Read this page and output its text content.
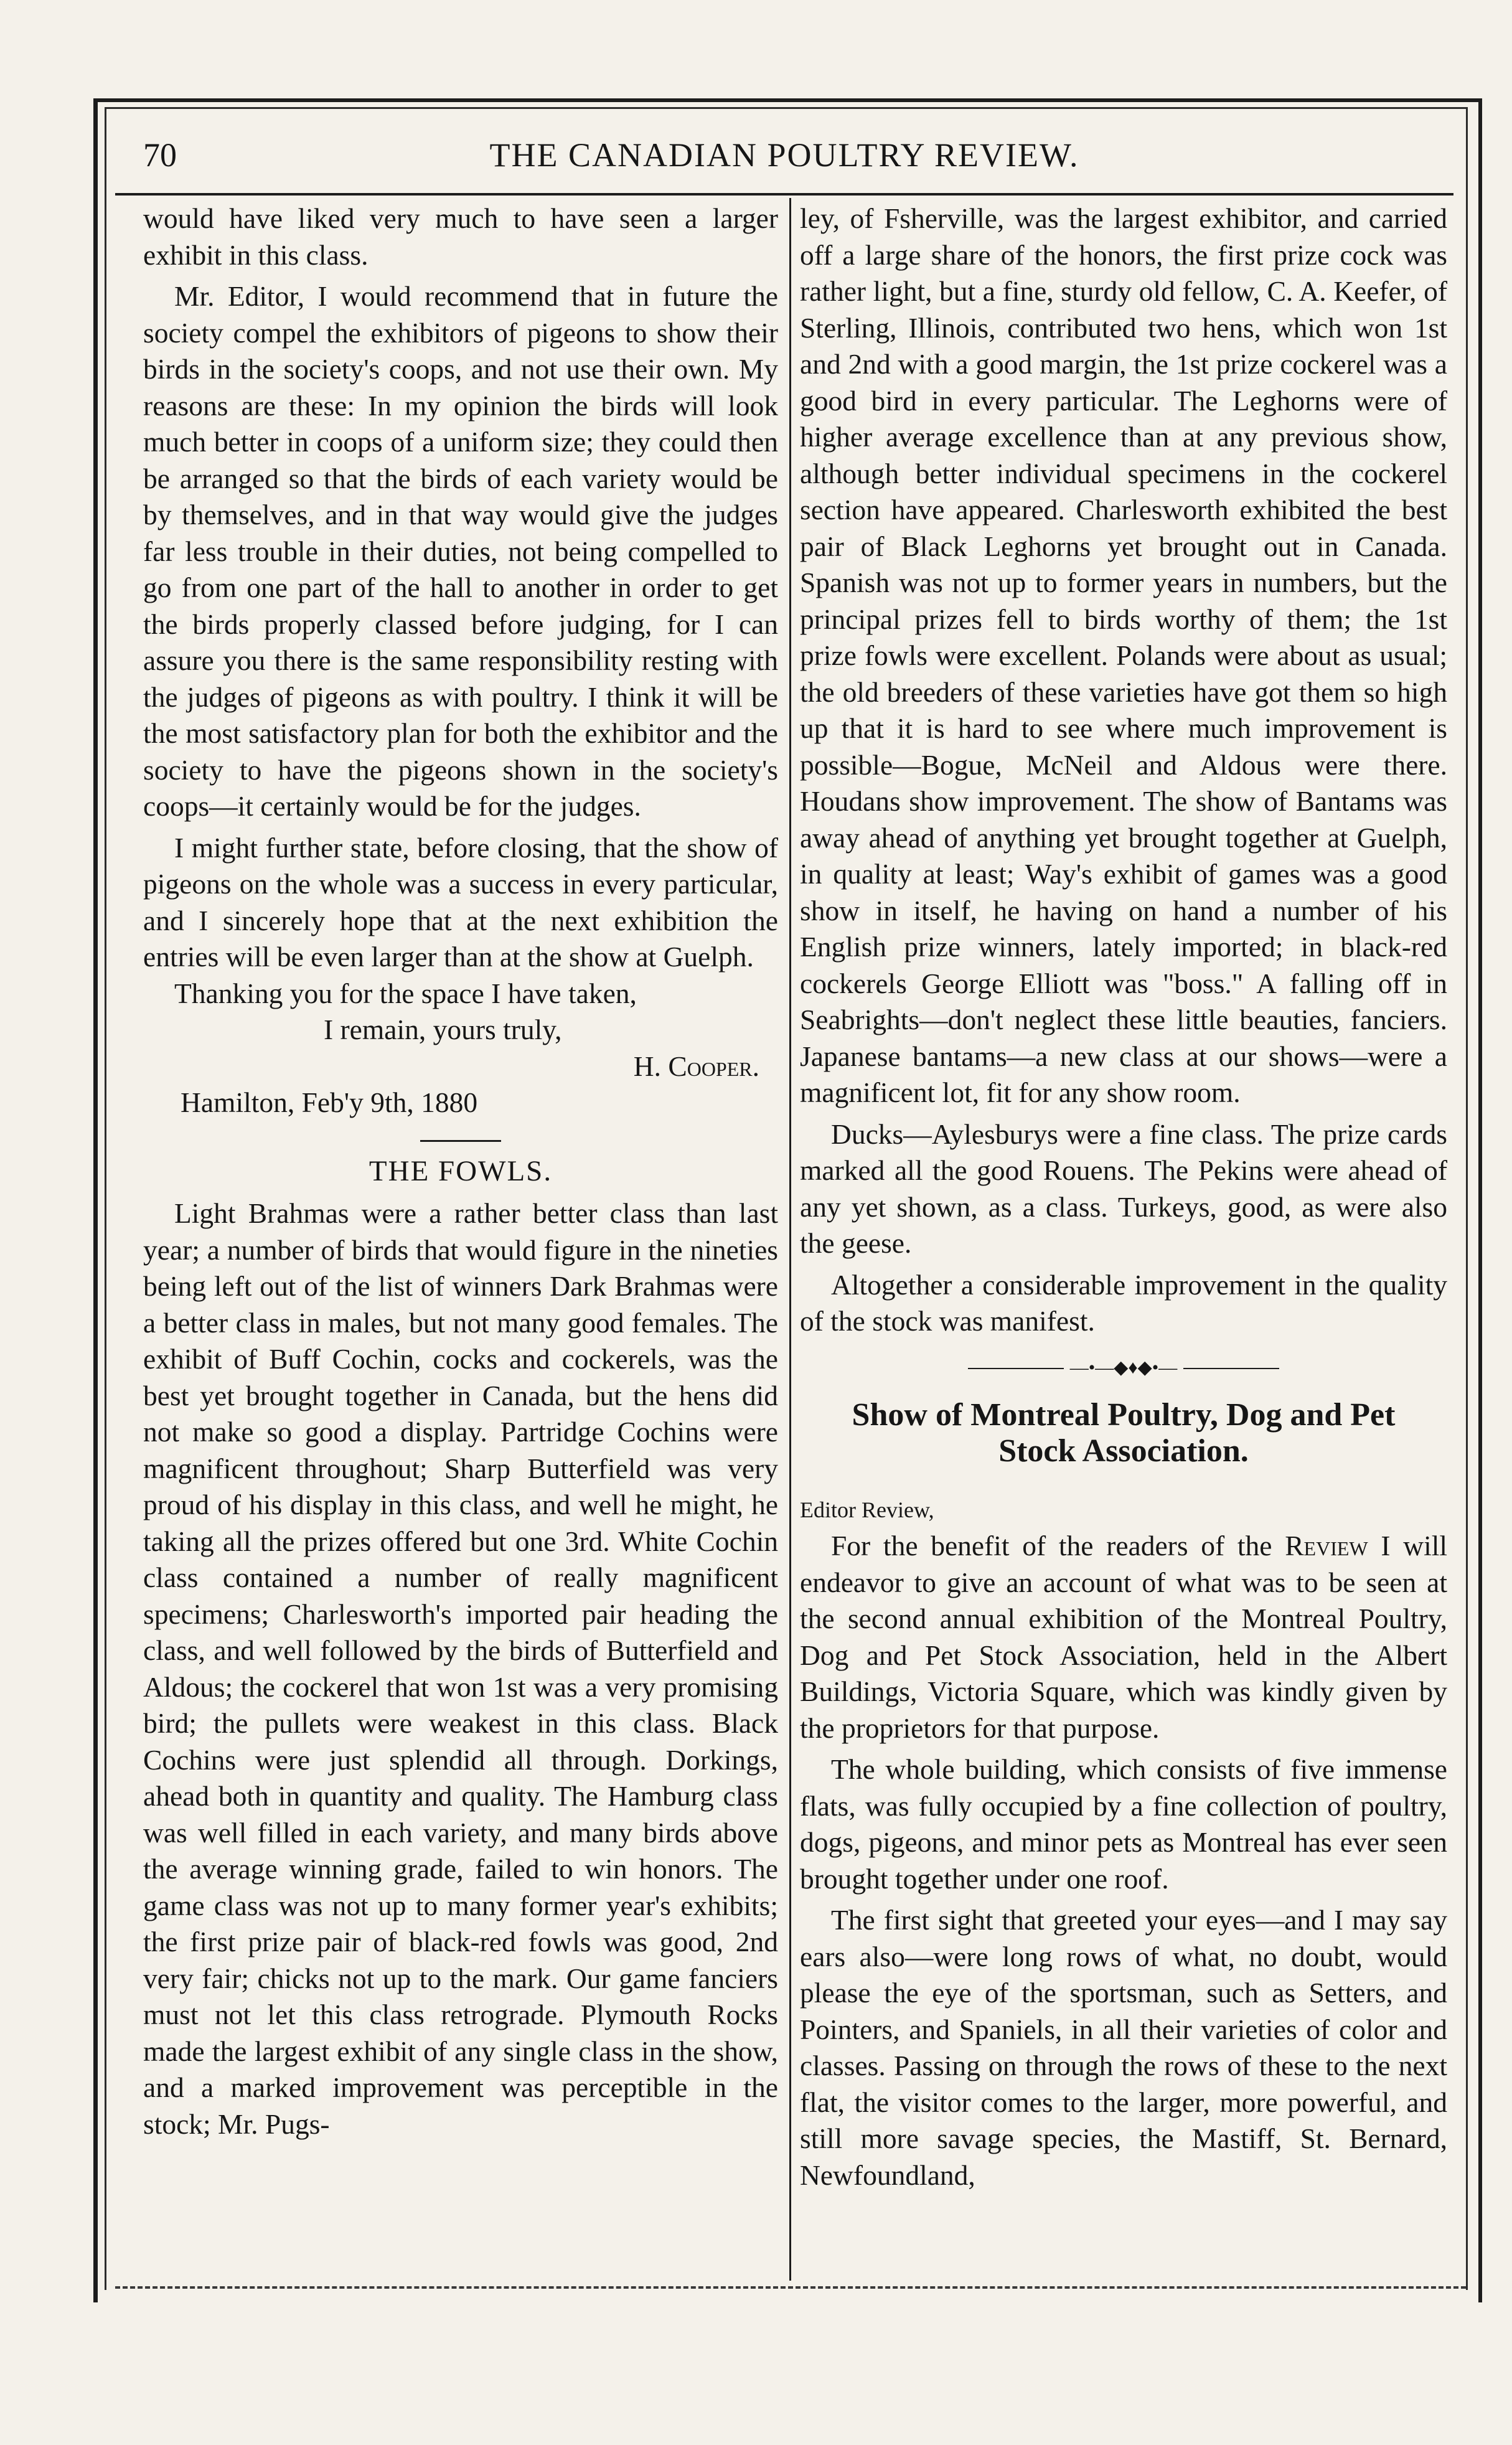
70	THE CANADIAN POULTRY REVIEW.

would have liked very much to have seen a larger exhibit in this class.

Mr. Editor, I would recommend that in future the society compel the exhibitors of pigeons to show their birds in the society's coops, and not use their own. My reasons are these: In my opinion the birds will look much better in coops of a uniform size; they could then be arranged so that the birds of each variety would be by themselves, and in that way would give the judges far less trouble in their duties, not being compelled to go from one part of the hall to another in order to get the birds properly classed before judging, for I can assure you there is the same responsibility resting with the judges of pigeons as with poultry. I think it will be the most satisfactory plan for both the exhibitor and the society to have the pigeons shown in the society's coops—it certainly would be for the judges.

I might further state, before closing, that the show of pigeons on the whole was a success in every particular, and I sincerely hope that at the next exhibition the entries will be even larger than at the show at Guelph.

Thanking you for the space I have taken,

I remain, yours truly,

H. Cooper.

Hamilton, Feb'y 9th, 1880

THE FOWLS.

Light Brahmas were a rather better class than last year; a number of birds that would figure in the nineties being left out of the list of winners Dark Brahmas were a better class in males, but not many good females. The exhibit of Buff Cochin, cocks and cockerels, was the best yet brought together in Canada, but the hens did not make so good a display. Partridge Cochins were magnificent throughout; Sharp Butterfield was very proud of his display in this class, and well he might, he taking all the prizes offered but one 3rd. White Cochin class contained a number of really magnificent specimens; Charlesworth's imported pair heading the class, and well followed by the birds of Butterfield and Aldous; the cockerel that won 1st was a very promising bird; the pullets were weakest in this class. Black Cochins were just splendid all through. Dorkings, ahead both in quantity and quality. The Hamburg class was well filled in each variety, and many birds above the average winning grade, failed to win honors. The game class was not up to many former year's exhibits; the first prize pair of black-red fowls was good, 2nd very fair; chicks not up to the mark. Our game fanciers must not let this class retrograde. Plymouth Rocks made the largest exhibit of any single class in the show, and a marked improvement was perceptible in the stock; Mr. Pugs-

ley, of Fshervillе, was the largest exhibitor, and carried off a large share of the honors, the first prize cock was rather light, but a fine, sturdy old fellow, C. A. Keefer, of Sterling, Illinois, contributed two hens, which won 1st and 2nd with a good margin, the 1st prize cockerel was a good bird in every particular. The Leghorns were of higher average excellence than at any previous show, although better individual specimens in the cockerel section have appeared. Charlesworth exhibited the best pair of Black Leghorns yet brought out in Canada. Spanish was not up to former years in numbers, but the principal prizes fell to birds worthy of them; the 1st prize fowls were excellent. Polands were about as usual; the old breeders of these varieties have got them so high up that it is hard to see where much improvement is possible—Bogue, McNeil and Aldous were there. Houdans show improvement. The show of Bantams was away ahead of anything yet brought together at Guelph, in quality at least; Way's exhibit of games was a good show in itself, he having on hand a number of his English prize winners, lately imported; in black-red cockerels George Elliott was "boss." A falling off in Seabrights—don't neglect these little beauties, fanciers. Japanese bantams—a new class at our shows—were a magnificent lot, fit for any show room.

Ducks—Aylesburys were a fine class. The prize cards marked all the good Rouens. The Pekins were ahead of any yet shown, as a class. Turkeys, good, as were also the geese.

Altogether a considerable improvement in the quality of the stock was manifest.

—•—◆♦◆•—
Show of Montreal Poultry, Dog and Pet
Stock Association.

Editor Review,

For the benefit of the readers of the Review I will endeavor to give an account of what was to be seen at the second annual exhibition of the Montreal Poultry, Dog and Pet Stock Association, held in the Albert Buildings, Victoria Square, which was kindly given by the proprietors for that purpose.

The whole building, which consists of five immense flats, was fully occupied by a fine collection of poultry, dogs, pigeons, and minor pets as Montreal has ever seen brought together under one roof.

The first sight that greeted your eyes—and I may say ears also—were long rows of what, no doubt, would please the eye of the sportsman, such as Setters, and Pointers, and Spaniels, in all their varieties of color and classes. Passing on through the rows of these to the next flat, the visitor comes to the larger, more powerful, and still more savage species, the Mastiff, St. Bernard, Newfoundland,
